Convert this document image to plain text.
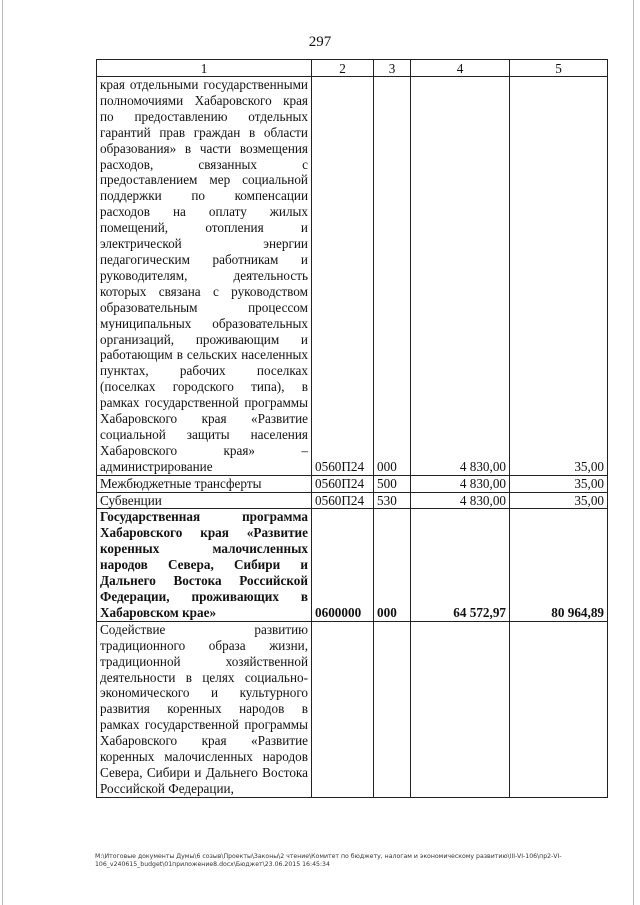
297
1	2	3	4	5
края отдельными государственными полномочиями Хабаровского края по предоставлению отдельных гарантий прав граждан в области образования» в части возмещения расходов, связанных с предоставлением мер социальной поддержки по компенсации расходов на оплату жилых помещений, отопления и электрической энергии педагогическим работникам и руководителям, деятельность которых связана с руководством образовательным процессом муниципальных образовательных организаций, проживающим и работающим в сельских населенных пунктах, рабочих поселках (поселках городского типа), в рамках государственной программы Хабаровского края «Развитие социальной защиты населения Хабаровского края» – администрирование	0560П24	000	4 830,00	35,00
Межбюджетные трансферты	0560П24	500	4 830,00	35,00
Субвенции	0560П24	530	4 830,00	35,00
Государственная программа Хабаровского края «Развитие коренных малочисленных народов Севера, Сибири и Дальнего Востока Российской Федерации, проживающих в Хабаровском крае»	0600000	000	64 572,97	80 964,89
Содействие развитию традиционного образа жизни, традиционной хозяйственной деятельности в целях социально-экономического и культурного развития коренных народов в рамках государственной программы Хабаровского края «Развитие коренных малочисленных народов Севера, Сибири и Дальнего Востока Российской Федерации,				
M:\Итоговые документы Думы\6 созыв\Проекты\Законы\2 чтение\Комитет по бюджету, налогам и экономическому развитию\III-VI-106\пр2-VI-
106_v240615_budget\01приложение8.docx\Бюджет\23.06.2015 16:45:34
